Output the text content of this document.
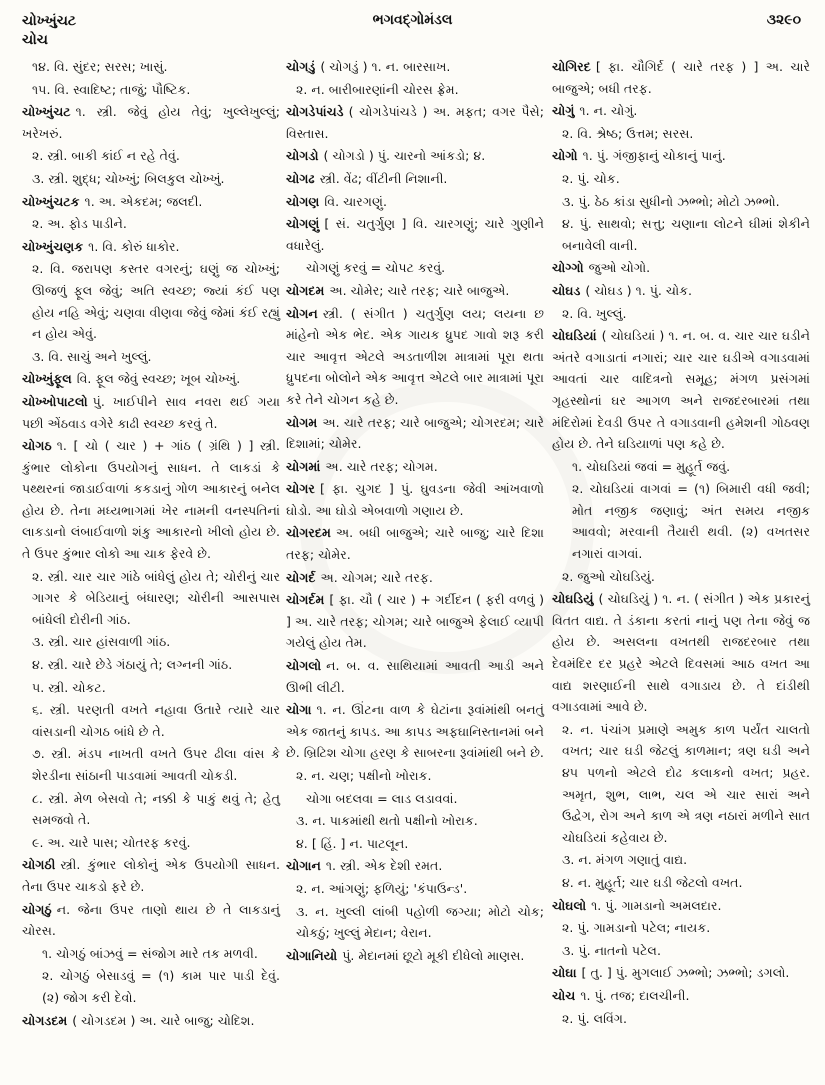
ચોખ્ખુંચટ
ચોચ
ભગવદ્ગોમંડલ	૩૨૯૦
૧૪. વિ. સુંદર; સરસ; ખાસું.
૧૫. વિ. સ્વાદિષ્ટ; તાજું; પૌષ્ટિક.
ચોખ્ખુંચટ ૧. સ્ત્રી. જેવું હોય તેવું; ખુલ્લેખુલ્લું; ખરેખરું.
૨. સ્ત્રી. બાકી કાંઈ ન રહે તેવું.
૩. સ્ત્રી. શુદ્ધ; ચોખ્ખું; બિલકુલ ચોખ્ખું.
ચોખ્ખુંચટક ૧. અ. એકદમ; જલદી.
૨. અ. ફોડ પાડીને.
ચોખ્ખુંચણક ૧. વિ. કોરું ધાકોર.
૨. વિ. જરાપણ કસ્તર વગરનું; ઘણું જ ચોખ્ખું; ઊજળું ફૂલ જેવું; અતિ સ્વચ્છ; જ્યાં કંઈ પણ હોય નહિ એવું; ચણવા વીણવા જેવું જેમાં કંઈ રહ્યું ન હોય એવું.
૩. વિ. સાચું અને ખુલ્લું.
ચોખ્ખુંફૂલ વિ. ફૂલ જેવું સ્વચ્છ; ખૂબ ચોખ્ખું.
ચોખ્ખોપાટલો પું. ખાઈપીને સાવ નવરા થઈ ગયા પછી એંઠવાડ વગેરે કાઢી સ્વચ્છ કરવું તે.
ચોગઠ ૧. [ ચો ( ચાર ) + ગાંઠ ( ગ્રંથિ ) ] સ્ત્રી. કુંભાર લોકોના ઉપયોગનું સાધન. તે લાકડાં કે પથ્થરનાં જાડાઈવાળાં કકડાનું ગોળ આકારનું બનેલ હોય છે. તેના મધ્યભાગમાં ખેર નામની વનસ્પતિનાં લાકડાનો લંબાઈવાળો શંકુ આકારનો ખીલો હોય છે. તે ઉપર કુંભાર લોકો આ ચાક ફેરવે છે.
૨. સ્ત્રી. ચાર ચાર ગાંઠે બાંધેલું હોય તે; ચોરીનું ચાર ગાગર કે બેડિયાનું બંધારણ; ચોરીની આસપાસ બાંધેલી દોરીની ગાંઠ.
૩. સ્ત્રી. ચાર હાંસવાળી ગાંઠ.
૪. સ્ત્રી. ચારે છેડે ગંઠાયું તે; લગ્નની ગાંઠ.
૫. સ્ત્રી. ચોકટ.
૬. સ્ત્રી. પરણતી વખતે નહાવા ઉતારે ત્યારે ચાર વાંસડાની ચોગઠ બાંધે છે તે.
૭. સ્ત્રી. મંડપ નાખતી વખતે ઉપર ઢીલા વાંસ કે શેરડીના સાંઠાની પાડવામાં આવતી ચોકડી.
૮. સ્ત્રી. મેળ બેસવો તે; નક્કી કે પાકું થવું તે; હેતુ સમજવો તે.
૯. અ. ચારે પાસ; ચોતરફ કરવું.
ચોગઠી સ્ત્રી. કુંભાર લોકોનું એક ઉપયોગી સાધન. તેના ઉપર ચાકડો ફરે છે.
ચોગઠું ન. જેના ઉપર તાણો થાય છે તે લાકડાનું ચોરસ.
૧. ચોગઠું બાંઝવું = સંજોગ મારે તક મળવી.
૨. ચોગઠું બેસાડવું = (૧) કામ પાર પાડી દેવું. (૨) જોગ કરી દેવો.
ચોગડદમ ( ચોગડદમ ) અ. ચારે બાજુ; ચોદિશ.
ચોગડું ( ચોગડું ) ૧. ન. બારસાખ.
૨. ન. બારીબારણાંની ચોરસ ફ્રેમ.
ચોગડેપાંચડે ( ચોગડેપાંચડે ) અ. મફત; વગર પૈસે; વિસ્તાસ.
ચોગડો ( ચોગડો ) પું. ચારનો આંકડો; ૪.
ચોગઢ સ્ત્રી. વેંઢ; વીંટીની નિશાની.
ચોગણ વિ. ચારગણું.
ચોગણું [ સં. ચતુર્ગુણ ] વિ. ચારગણું; ચારે ગુણીને વધારેલું.
ચોગણું કરવું = ચોપટ કરવું.
ચોગદમ અ. ચોમેર; ચારે તરફ; ચારે બાજુએ.
ચોગન સ્ત્રી. ( સંગીત ) ચતુર્ગુણ લય; લયના છ માંહેનો એક ભેદ. એક ગાયક ધ્રુપદ ગાવો શરૂ કરી ચાર આવૃત્ત એટલે અડતાળીશ માત્રામાં પૂરા થતા ધ્રુપદના બોલોને એક આવૃત્ત એટલે બાર માત્રામાં પૂરા કરે તેને ચોગન કહે છે.
ચોગમ અ. ચારે તરફ; ચારે બાજુએ; ચોગરદમ; ચારે દિશામાં; ચોમેર.
ચોગમાં અ. ચારે તરફ; ચોગમ.
ચોગર [ ફા. ચુગદ ] પું. ઘુવડના જેવી આંખવાળો ઘોડો. આ ઘોડો એબવાળો ગણાય છે.
ચોગરદમ અ. બધી બાજુએ; ચારે બાજુ; ચારે દિશા તરફ; ચોમેર.
ચોગર્દ અ. ચોગમ; ચારે તરફ.
ચોગર્દમ [ ફા. ચૌ ( ચાર ) + ગર્દીદન ( ફરી વળવું ) ] અ. ચારે તરફ; ચોગમ; ચારે બાજુએ ફેલાઈ વ્યાપી ગયેલું હોય તેમ.
ચોગલો ન. બ. વ. સાથિયામાં આવતી આડી અને ઊભી લીટી.
ચોગા ૧. ન. ઊંટના વાળ કે ઘેટાંના રૂવાંમાંથી બનતું એક જાતનું કાપડ. આ કાપડ અફઘાનિસ્તાનમાં બને છે. બ્રિટિશ ચોગા હરણ કે સાબરના રૂવાંમાંથી બને છે.
૨. ન. ચણ; પક્ષીનો ખોરાક.
ચોગા બદલવા = લાડ લડાવવાં.
૩. ન. પાકમાંથી થતો પક્ષીનો ખોરાક.
૪. [ હિં. ] ન. પાટલૂન.
ચોગાન ૧. સ્ત્રી. એક દેશી રમત.
૨. ન. આંગણું; ફળિયું; 'કંપાઉન્ડ'.
૩. ન. ખુલ્લી લાંબી પહોળી જગ્યા; મોટો ચોક; ચોકઠું; ખુલ્લું મેદાન; વેરાન.
ચોગાનિયો પું. મેદાનમાં છૂટો મૂકી દીધેલો માણસ.
ચોગિરદ [ ફા. ચૌગિર્દ ( ચારે તરફ ) ] અ. ચારે બાજુએ; બધી તરફ.
ચોગું ૧. ન. ચોગું.
૨. વિ. શ્રેષ્ઠ; ઉત્તમ; સરસ.
ચોગો ૧. પું. ગંજીફાનું ચોકાનું પાનું.
૨. પું. ચોક.
૩. પું. ઠેઠ કાંડા સુધીનો ઝભ્ભો; મોટો ઝભ્ભો.
૪. પું. સાથવો; સત્તુ; ચણાના લોટને ઘીમાં શેકીને બનાવેલી વાની.
ચોગ્ગો જુઓ ચોગો.
ચોઘડ ( ચોઘડ ) ૧. પું. ચોક.
૨. વિ. ખુલ્લું.
ચોઘડિયાં ( ચોઘડિયાં ) ૧. ન. બ. વ. ચાર ચાર ઘડીને અંતરે વગાડાતાં નગારાં; ચાર ચાર ઘડીએ વગાડવામાં આવતાં ચાર વાદિત્રનો સમૂહ; મંગળ પ્રસંગમાં ગૃહસ્થોનાં ઘર આગળ અને રાજદરબારમાં તથા મંદિરોમાં દેવડી ઉપર તે વગાડવાની હમેશની ગોઠવણ હોય છે. તેને ઘડિયાળાં પણ કહે છે.
૧. ચોઘડિયાં જવાં = મુહૂર્ત જવું.
૨. ચોઘડિયાં વાગવાં = (૧) બિમારી વધી જવી; મોત નજીક જણાવું; અંત સમય નજીક આવવો; મરવાની તૈયારી થવી. (૨) વખતસર નગારાં વાગવાં.
૨. જુઓ ચોઘડિયું.
ચોઘડિયું ( ચોઘડિયું ) ૧. ન. ( સંગીત ) એક પ્રકારનું વિતત વાદ્ય. તે ડંકાના કરતાં નાનું પણ તેના જેવું જ હોય છે. અસલના વખતથી રાજદરબાર તથા દેવમંદિર દર પ્રહરે એટલે દિવસમાં આઠ વખત આ વાદ્ય શરણાઈની સાથે વગાડાય છે. તે દાંડીથી વગાડવામાં આવે છે.
૨. ન. પંચાંગ પ્રમાણે અમુક કાળ પર્યંત ચાલતો વખત; ચાર ઘડી જેટલું કાળમાન; ત્રણ ઘડી અને ૪૫ પળનો એટલે દોઢ કલાકનો વખત; પ્રહર. અમૃત, શુભ, લાભ, ચલ એ ચાર સારાં અને ઉદ્વેગ, રોગ અને કાળ એ ત્રણ નઠારાં મળીને સાત ચોઘડિયાં કહેવાય છે.
૩. ન. મંગળ ગણાતું વાદ્ય.
૪. ન. મુહૂર્ત; ચાર ઘડી જેટલો વખત.
ચોઘલો ૧. પું. ગામડાનો અમલદાર.
૨. પું. ગામડાનો પટેલ; નાયક.
૩. પું. નાતનો પટેલ.
ચોઘા [ તુ. ] પું. મુગલાઈ ઝભ્ભો; ઝભ્ભો; ડગલો.
ચોચ ૧. પું. તજ; દાલચીની.
૨. પું. લવિંગ.
